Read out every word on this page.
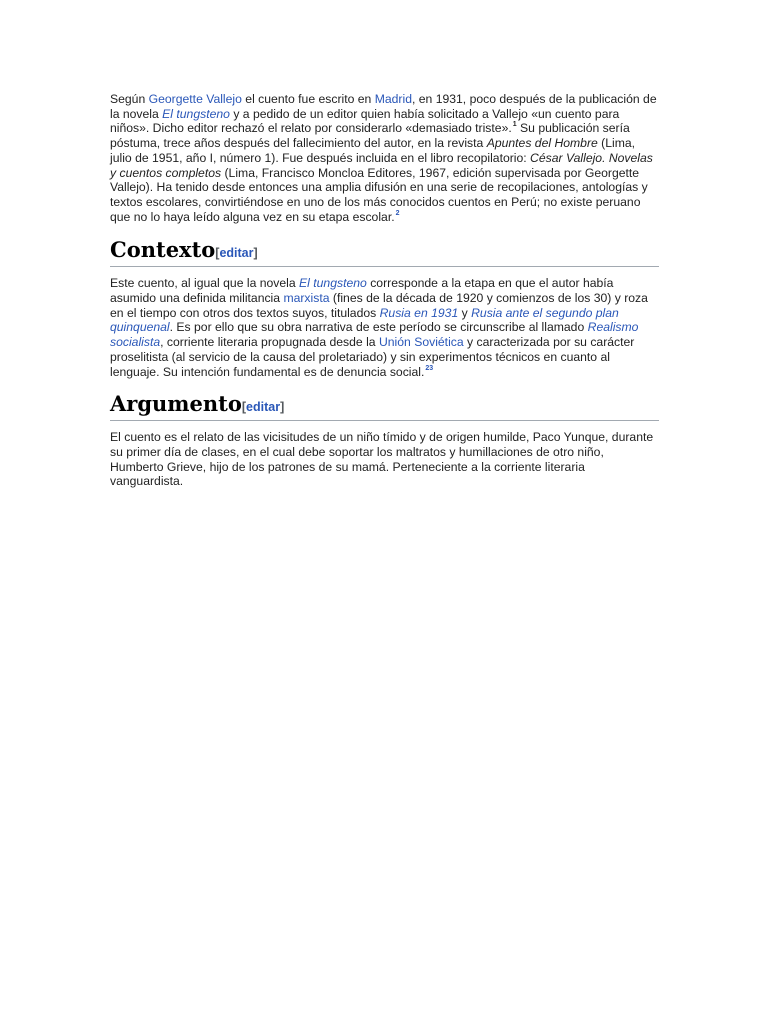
Según Georgette Vallejo el cuento fue escrito en Madrid, en 1931, poco después de la publicación de la novela El tungsteno y a pedido de un editor quien había solicitado a Vallejo «un cuento para niños». Dicho editor rechazó el relato por considerarlo «demasiado triste».$^1$ Su publicación sería póstuma, trece años después del fallecimiento del autor, en la revista Apuntes del Hombre (Lima, julio de 1951, año I, número 1). Fue después incluida en el libro recopilatorio: César Vallejo. Novelas y cuentos completos (Lima, Francisco Moncloa Editores, 1967, edición supervisada por Georgette Vallejo). Ha tenido desde entonces una amplia difusión en una serie de recopilaciones, antologías y textos escolares, convirtiéndose en uno de los más conocidos cuentos en Perú; no existe peruano que no lo haya leído alguna vez en su etapa escolar.$^2$

Contexto[editar]

Este cuento, al igual que la novela El tungsteno corresponde a la etapa en que el autor había asumido una definida militancia marxista (fines de la década de 1920 y comienzos de los 30) y roza en el tiempo con otros dos textos suyos, titulados Rusia en 1931 y Rusia ante el segundo plan quinquenal. Es por ello que su obra narrativa de este período se circunscribe al llamado Realismo socialista, corriente literaria propugnada desde la Unión Soviética y caracterizada por su carácter proselitista (al servicio de la causa del proletariado) y sin experimentos técnicos en cuanto al lenguaje. Su intención fundamental es de denuncia social.$^{23}$

Argumento[editar]

El cuento es el relato de las vicisitudes de un niño tímido y de origen humilde, Paco Yunque, durante su primer día de clases, en el cual debe soportar los maltratos y humillaciones de otro niño, Humberto Grieve, hijo de los patrones de su mamá. Perteneciente a la corriente literaria vanguardista.
